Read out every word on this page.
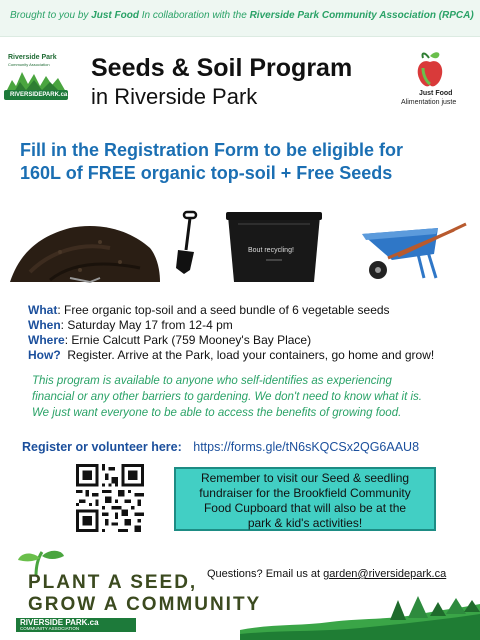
Brought to you by Just Food In collaboration with the Riverside Park Community Association (RPCA)
Riverside Park
Community Association
RIVERSIDEPARK.ca
Seeds & Soil Program
in Riverside Park	Just Food
Alimentation juste
Fill in the Registration Form to be eligible for
160L of FREE organic top-soil + Free Seeds
Bout recycling!
What: Free organic top-soil and a seed bundle of 6 vegetable seeds
When: Saturday May 17 from 12-4 pm
Where: Ernie Calcutt Park (759 Mooney's Bay Place)
How?  Register. Arrive at the Park, load your containers, go home and grow!
This program is available to anyone who self-identifies as experiencing
financial or any other barriers to gardening. We don't need to know what it is.
We just want everyone to be able to access the benefits of growing food.
Register or volunteer here: https://forms.gle/tN6sKQCSx2QG6AAU8
Remember to visit our Seed & seedling
fundraiser for the Brookfield Community
Food Cupboard that will also be at the
park & kid's activities!
PLANT A SEED,
GROW A COMMUNITY
RIVERSIDE PARK.ca
COMMUNITY ASSOCIATION
Questions? Email us at garden@riversidepark.ca
